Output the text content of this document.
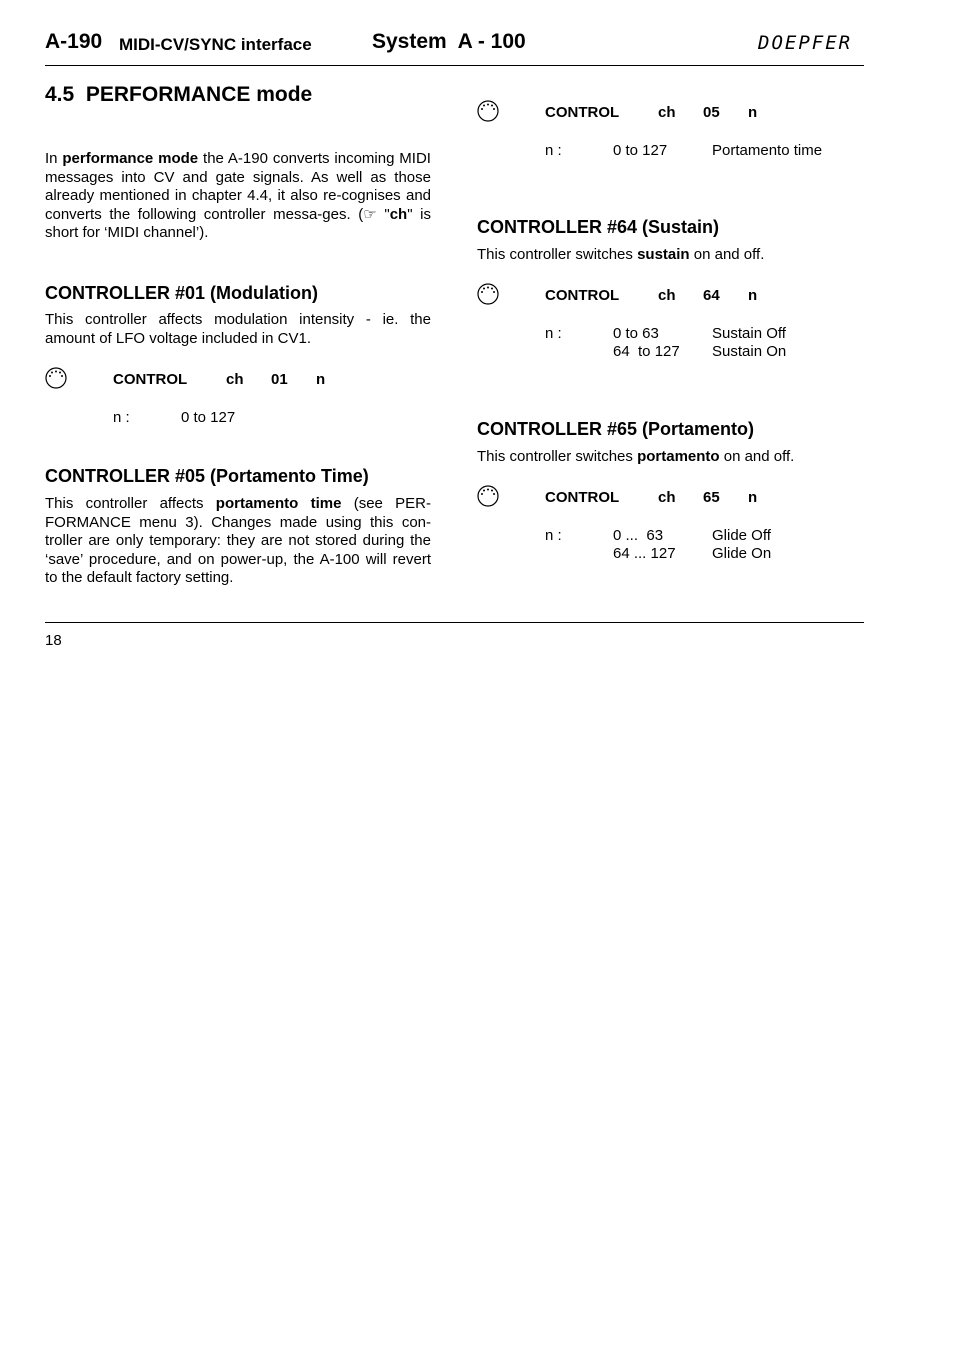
A-190 MIDI-CV/SYNC interface	System  A - 100	DOEPFER
4.5  PERFORMANCE mode
In performance mode the A-190 converts incoming MIDI messages into CV and gate signals. As well as those already mentioned in chapter 4.4, it also re-cognises and converts the following controller messa-ges. (☞ "ch" is short for ‘MIDI channel’).
CONTROLLER #01 (Modulation)
This controller affects modulation intensity - ie. the amount of LFO voltage included in CV1.
CONTROL	ch 01 n
n :	0 to 127
CONTROLLER #05 (Portamento Time)
This controller affects portamento time (see PER-FORMANCE menu 3). Changes made using this con-troller are only temporary: they are not stored during the ‘save’ procedure, and on power-up, the A-100 will revert to the default factory setting.
CONTROL	ch 05 n
n :	0 to 127	Portamento time
CONTROLLER #64 (Sustain)
This controller switches sustain on and off.
CONTROL	ch 64 n
n :	0 to 63	Sustain Off
64  to 127 Sustain On
CONTROLLER #65 (Portamento)
This controller switches portamento on and off.
CONTROL	ch 65 n
n :	0 ...  63	Glide Off
64 ... 127 Glide On
18
